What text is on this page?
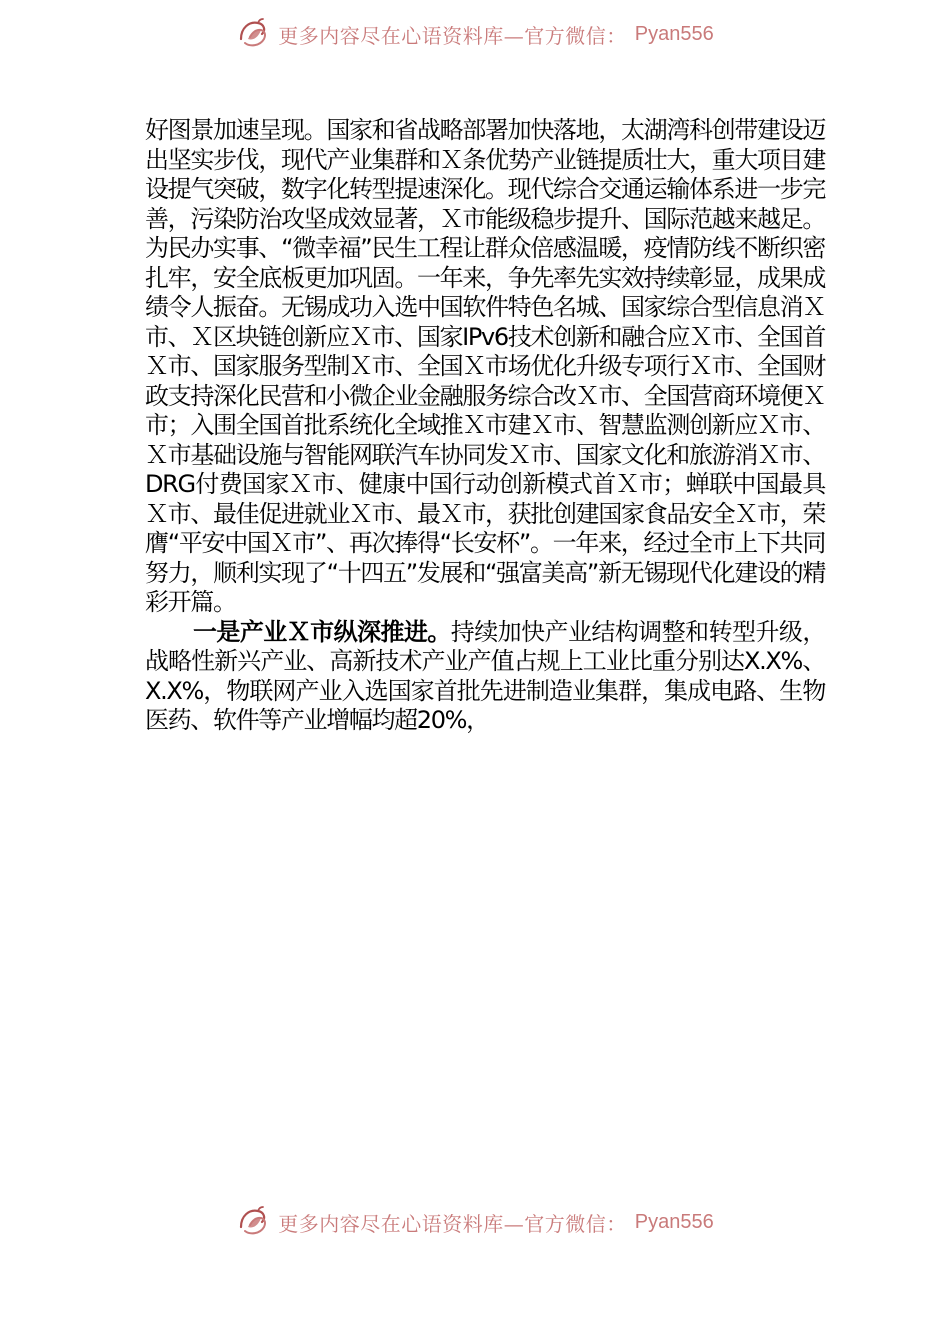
更多内容尽在心语资料库—官方微信： Pyan556

好图景加速呈现。国家和省战略部署加快落地，太湖湾科创带建设迈出坚实步伐，现代产业集群和Ｘ条优势产业链提质壮大，重大项目建设提气突破，数字化转型提速深化。现代综合交通运输体系进一步完善，污染防治攻坚成效显著，Ｘ市能级稳步提升、国际范越来越足。为民办实事、“微幸福”民生工程让群众倍感温暖，疫情防线不断织密扎牢，安全底板更加巩固。一年来，争先率先实效持续彰显，成果成绩令人振奋。无锡成功入选中国软件特色名城、国家综合型信息消Ｘ市、Ｘ区块链创新应Ｘ市、国家IPv6技术创新和融合应Ｘ市、全国首Ｘ市、国家服务型制Ｘ市、全国Ｘ市场优化升级专项行Ｘ市、全国财政支持深化民营和小微企业金融服务综合改Ｘ市、全国营商环境便Ｘ市；入围全国首批系统化全域推Ｘ市建Ｘ市、智慧监测创新应Ｘ市、Ｘ市基础设施与智能网联汽车协同发Ｘ市、国家文化和旅游消Ｘ市、DRG付费国家Ｘ市、健康中国行动创新模式首Ｘ市；蝉联中国最具Ｘ市、最佳促进就业Ｘ市、最Ｘ市，获批创建国家食品安全Ｘ市，荣膺“平安中国Ｘ市”、再次捧得“长安杯”。一年来，经过全市上下共同努力，顺利实现了“十四五”发展和“强富美高”新无锡现代化建设的精彩开篇。

一是产业Ｘ市纵深推进。持续加快产业结构调整和转型升级，战略性新兴产业、高新技术产业产值占规上工业比重分别达X.X%、X.X%，物联网产业入选国家首批先进制造业集群，集成电路、生物医药、软件等产业增幅均超20%，

更多内容尽在心语资料库—官方微信： Pyan556
